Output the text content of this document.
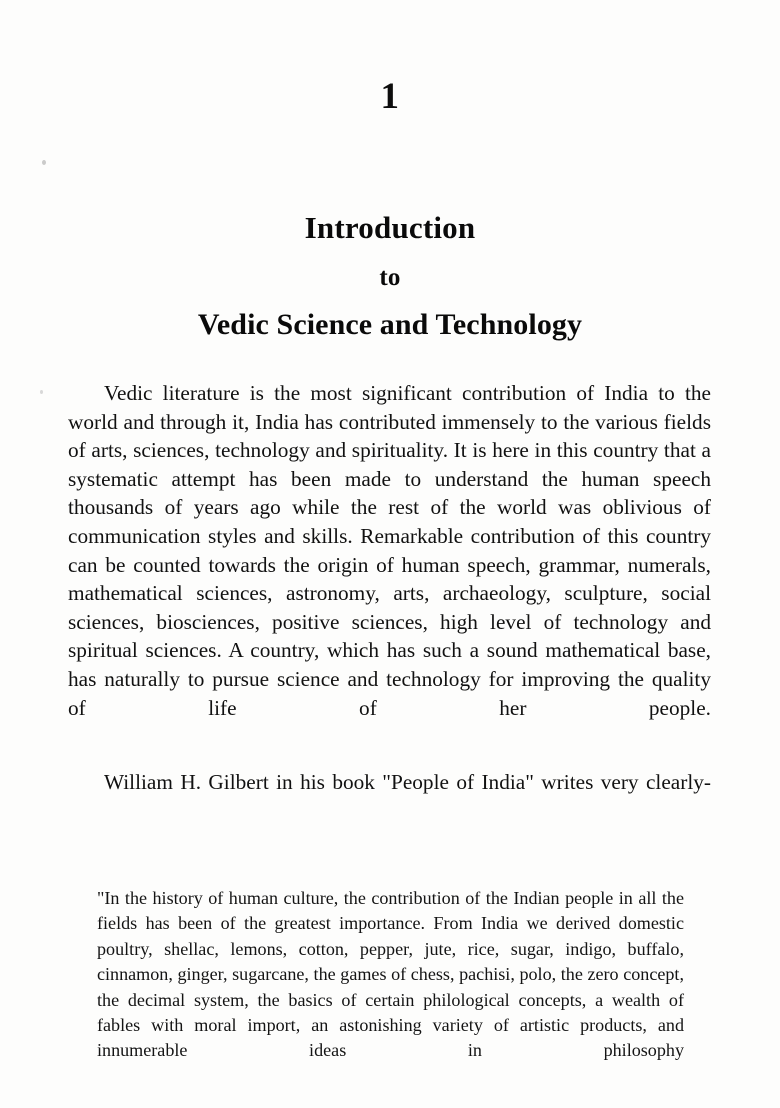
1
Introduction
to
Vedic Science and Technology

Vedic literature is the most significant contribution of India to the world and through it, India has contributed immensely to the various fields of arts, sciences, technology and spirituality. It is here in this country that a systematic attempt has been made to understand the human speech thousands of years ago while the rest of the world was oblivious of communication styles and skills. Remarkable contribution of this country can be counted towards the origin of human speech, grammar, numerals, mathematical sciences, astronomy, arts, archaeology, sculpture, social sciences, biosciences, positive sciences, high level of technology and spiritual sciences. A country, which has such a sound mathematical base, has naturally to pursue science and technology for improving the quality of life of her people.

William H. Gilbert in his book "People of India" writes very clearly-

"In the history of human culture, the contribution of the Indian people in all the fields has been of the greatest importance. From India we derived domestic poultry, shellac, lemons, cotton, pepper, jute, rice, sugar, indigo, buffalo, cinnamon, ginger, sugarcane, the games of chess, pachisi, polo, the zero concept, the decimal system, the basics of certain philological concepts, a wealth of fables with moral import, an astonishing variety of artistic products, and innumerable ideas in philosophy
